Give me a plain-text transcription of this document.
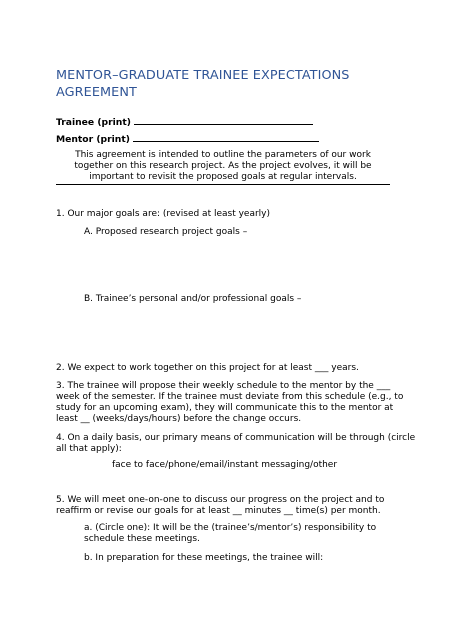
MENTOR–GRADUATE TRAINEE EXPECTATIONS AGREEMENT
Trainee (print)
Mentor (print)

This agreement is intended to outline the parameters of our work together on this research project. As the project evolves, it will be important to revisit the proposed goals at regular intervals.

1. Our major goals are: (revised at least yearly)

A. Proposed research project goals –

B. Trainee’s personal and/or professional goals –

2. We expect to work together on this project for at least ___ years.

3. The trainee will propose their weekly schedule to the mentor by the ___ week of the semester. If the trainee must deviate from this schedule (e.g., to study for an upcoming exam), they will communicate this to the mentor at least __ (weeks/days/hours) before the change occurs.

4. On a daily basis, our primary means of communication will be through (circle all that apply):

face to face/phone/email/instant messaging/other

5. We will meet one-on-one to discuss our progress on the project and to reaffirm or revise our goals for at least __ minutes __ time(s) per month.

a. (Circle one): It will be the (trainee’s/mentor’s) responsibility to schedule these meetings.

b. In preparation for these meetings, the trainee will:
